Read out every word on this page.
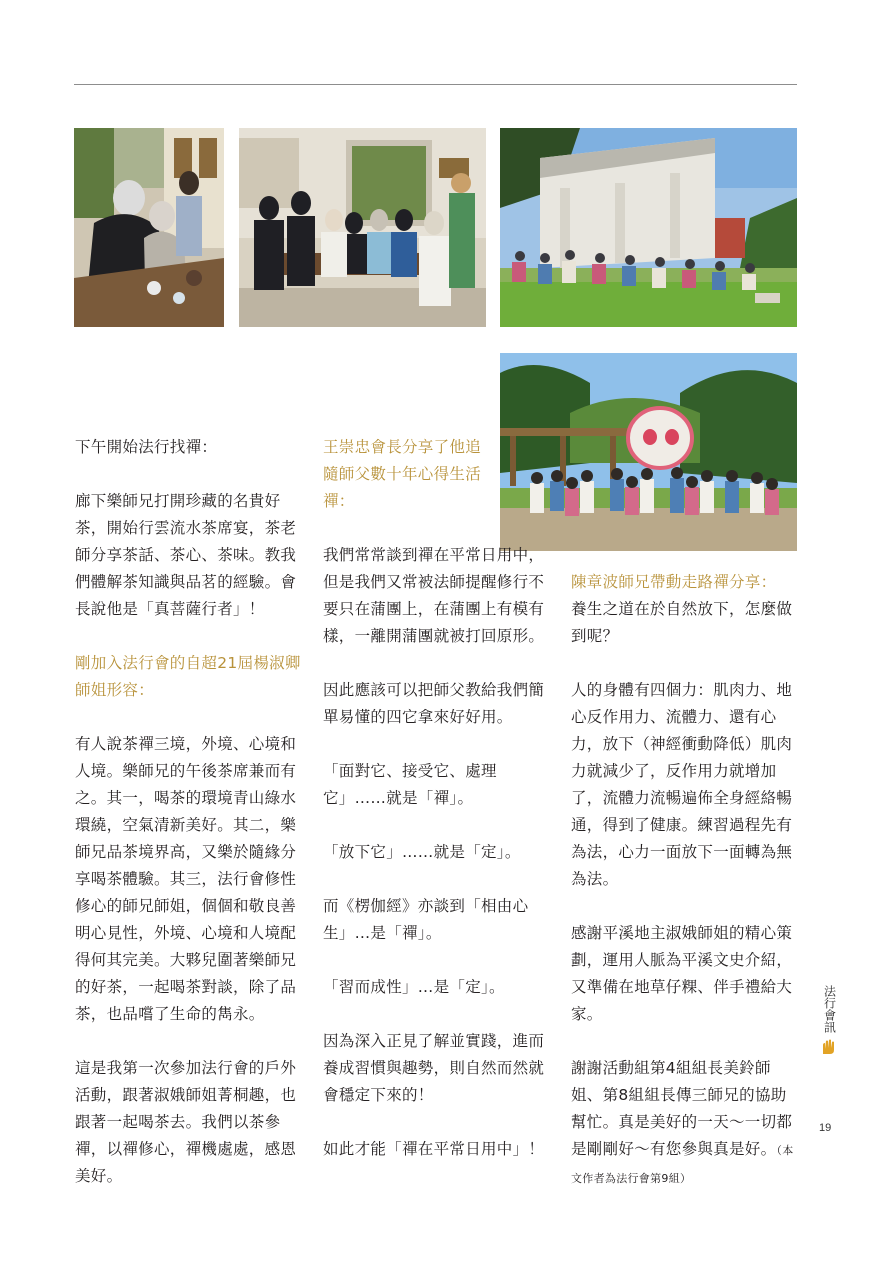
下午開始法行找禪：

廊下樂師兄打開珍藏的名貴好茶，開始行雲流水茶席宴，茶老師分享茶話、茶心、茶味。教我們體解茶知識與品茗的經驗。會長說他是「真菩薩行者」！

剛加入法行會的自超21屆楊淑卿師姐形容：

有人說茶禪三境，外境、心境和人境。樂師兄的午後茶席兼而有之。其一，喝茶的環境青山綠水環繞，空氣清新美好。其二，樂師兄品茶境界高，又樂於隨緣分享喝茶體驗。其三，法行會修性修心的師兄師姐，個個和敬良善明心見性，外境、心境和人境配得何其完美。大夥兒圍著樂師兄的好茶，一起喝茶對談，除了品茶，也品嚐了生命的雋永。

這是我第一次參加法行會的戶外活動，跟著淑娥師姐菁桐趣，也跟著一起喝茶去。我們以茶參禪，以禪修心，禪機處處，感恩美好。

王崇忠會長分享了他追隨師父數十年心得生活禪：

我們常常談到禪在平常日用中，但是我們又常被法師提醒修行不要只在蒲團上，在蒲團上有模有樣，一離開蒲團就被打回原形。

因此應該可以把師父教給我們簡單易懂的四它拿來好好用。

「面對它、接受它、處理它」……就是「禪」。

「放下它」……就是「定」。

而《楞伽經》亦談到「相由心生」…是「禪」。

「習而成性」…是「定」。

因為深入正見了解並實踐，進而養成習慣與趣勢，則自然而然就會穩定下來的！

如此才能「禪在平常日用中」！

陳章波師兄帶動走路禪分享：

養生之道在於自然放下，怎麼做到呢？

人的身體有四個力：肌肉力、地心反作用力、流體力、還有心力，放下（神經衝動降低）肌肉力就減少了，反作用力就增加了，流體力流暢遍佈全身經絡暢通，得到了健康。練習過程先有為法，心力一面放下一面轉為無為法。

感謝平溪地主淑娥師姐的精心策劃，運用人脈為平溪文史介紹，又準備在地草仔粿、伴手禮給大家。

謝謝活動組第4組組長美鈴師姐、第8組組長傳三師兄的協助幫忙。真是美好的一天～一切都是剛剛好～有您參與真是好。（本文作者為法行會第9組）

法行會訊
19
